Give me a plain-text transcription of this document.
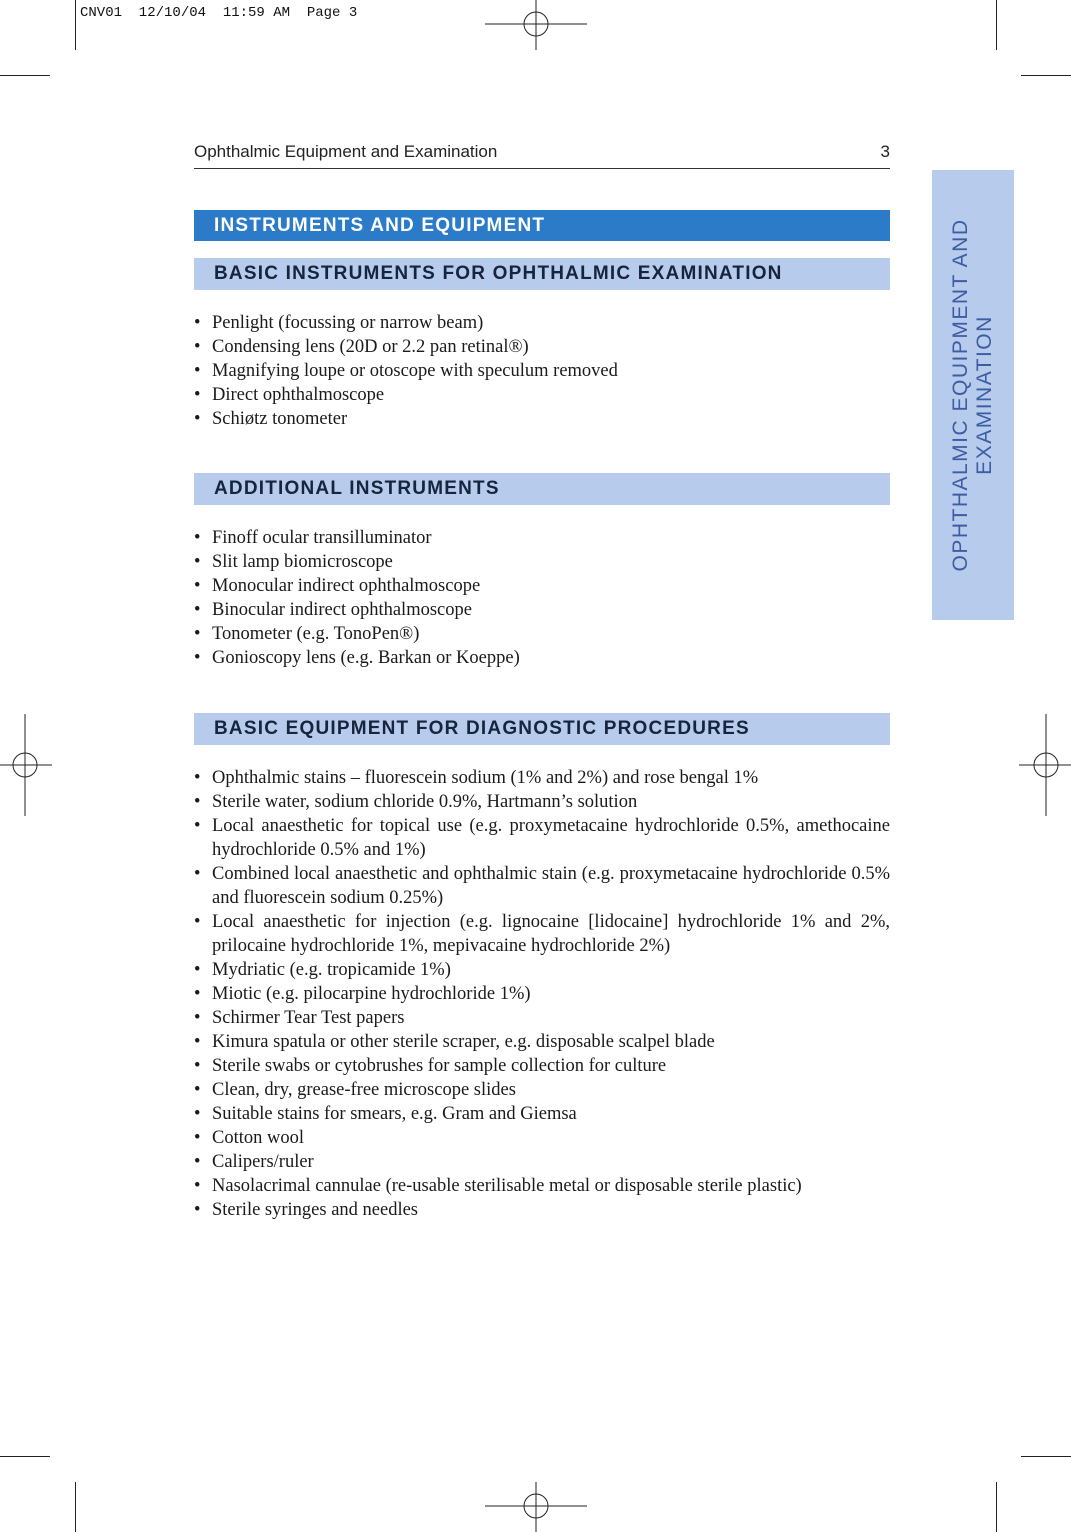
CNV01  12/10/04  11:59 AM  Page 3
Ophthalmic Equipment and Examination	3
OPHTHALMIC EQUIPMENT AND EXAMINATION
INSTRUMENTS AND EQUIPMENT
BASIC INSTRUMENTS FOR OPHTHALMIC EXAMINATION
• Penlight (focussing or narrow beam)
• Condensing lens (20D or 2.2 pan retinal®)
• Magnifying loupe or otoscope with speculum removed
• Direct ophthalmoscope
• Schiøtz tonometer
ADDITIONAL INSTRUMENTS
• Finoff ocular transilluminator
• Slit lamp biomicroscope
• Monocular indirect ophthalmoscope
• Binocular indirect ophthalmoscope
• Tonometer (e.g. TonoPen®)
• Gonioscopy lens (e.g. Barkan or Koeppe)
BASIC EQUIPMENT FOR DIAGNOSTIC PROCEDURES
• Ophthalmic stains – fluorescein sodium (1% and 2%) and rose bengal 1%
• Sterile water, sodium chloride 0.9%, Hartmann’s solution
• Local anaesthetic for topical use (e.g. proxymetacaine hydrochloride 0.5%, amethocaine hydrochloride 0.5% and 1%)
• Combined local anaesthetic and ophthalmic stain (e.g. proxymetacaine hydrochloride 0.5% and fluorescein sodium 0.25%)
• Local anaesthetic for injection (e.g. lignocaine [lidocaine] hydrochloride 1% and 2%, prilocaine hydrochloride 1%, mepivacaine hydrochloride 2%)
• Mydriatic (e.g. tropicamide 1%)
• Miotic (e.g. pilocarpine hydrochloride 1%)
• Schirmer Tear Test papers
• Kimura spatula or other sterile scraper, e.g. disposable scalpel blade
• Sterile swabs or cytobrushes for sample collection for culture
• Clean, dry, grease-free microscope slides
• Suitable stains for smears, e.g. Gram and Giemsa
• Cotton wool
• Calipers/ruler
• Nasolacrimal cannulae (re-usable sterilisable metal or disposable sterile plastic)
• Sterile syringes and needles
